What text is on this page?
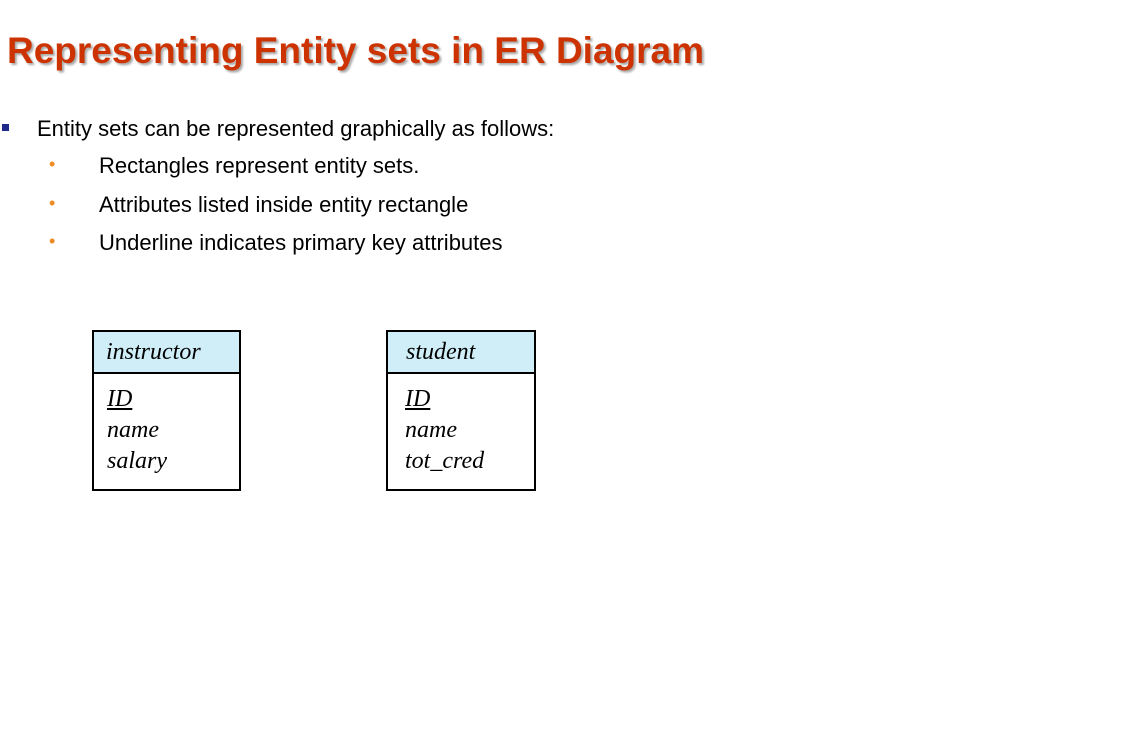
Representing Entity sets in ER Diagram
Entity sets can be represented graphically as follows:
• Rectangles represent entity sets.
• Attributes listed inside entity rectangle
• Underline indicates primary key attributes
instructor
ID
name
salary
student
ID
name
tot_cred
